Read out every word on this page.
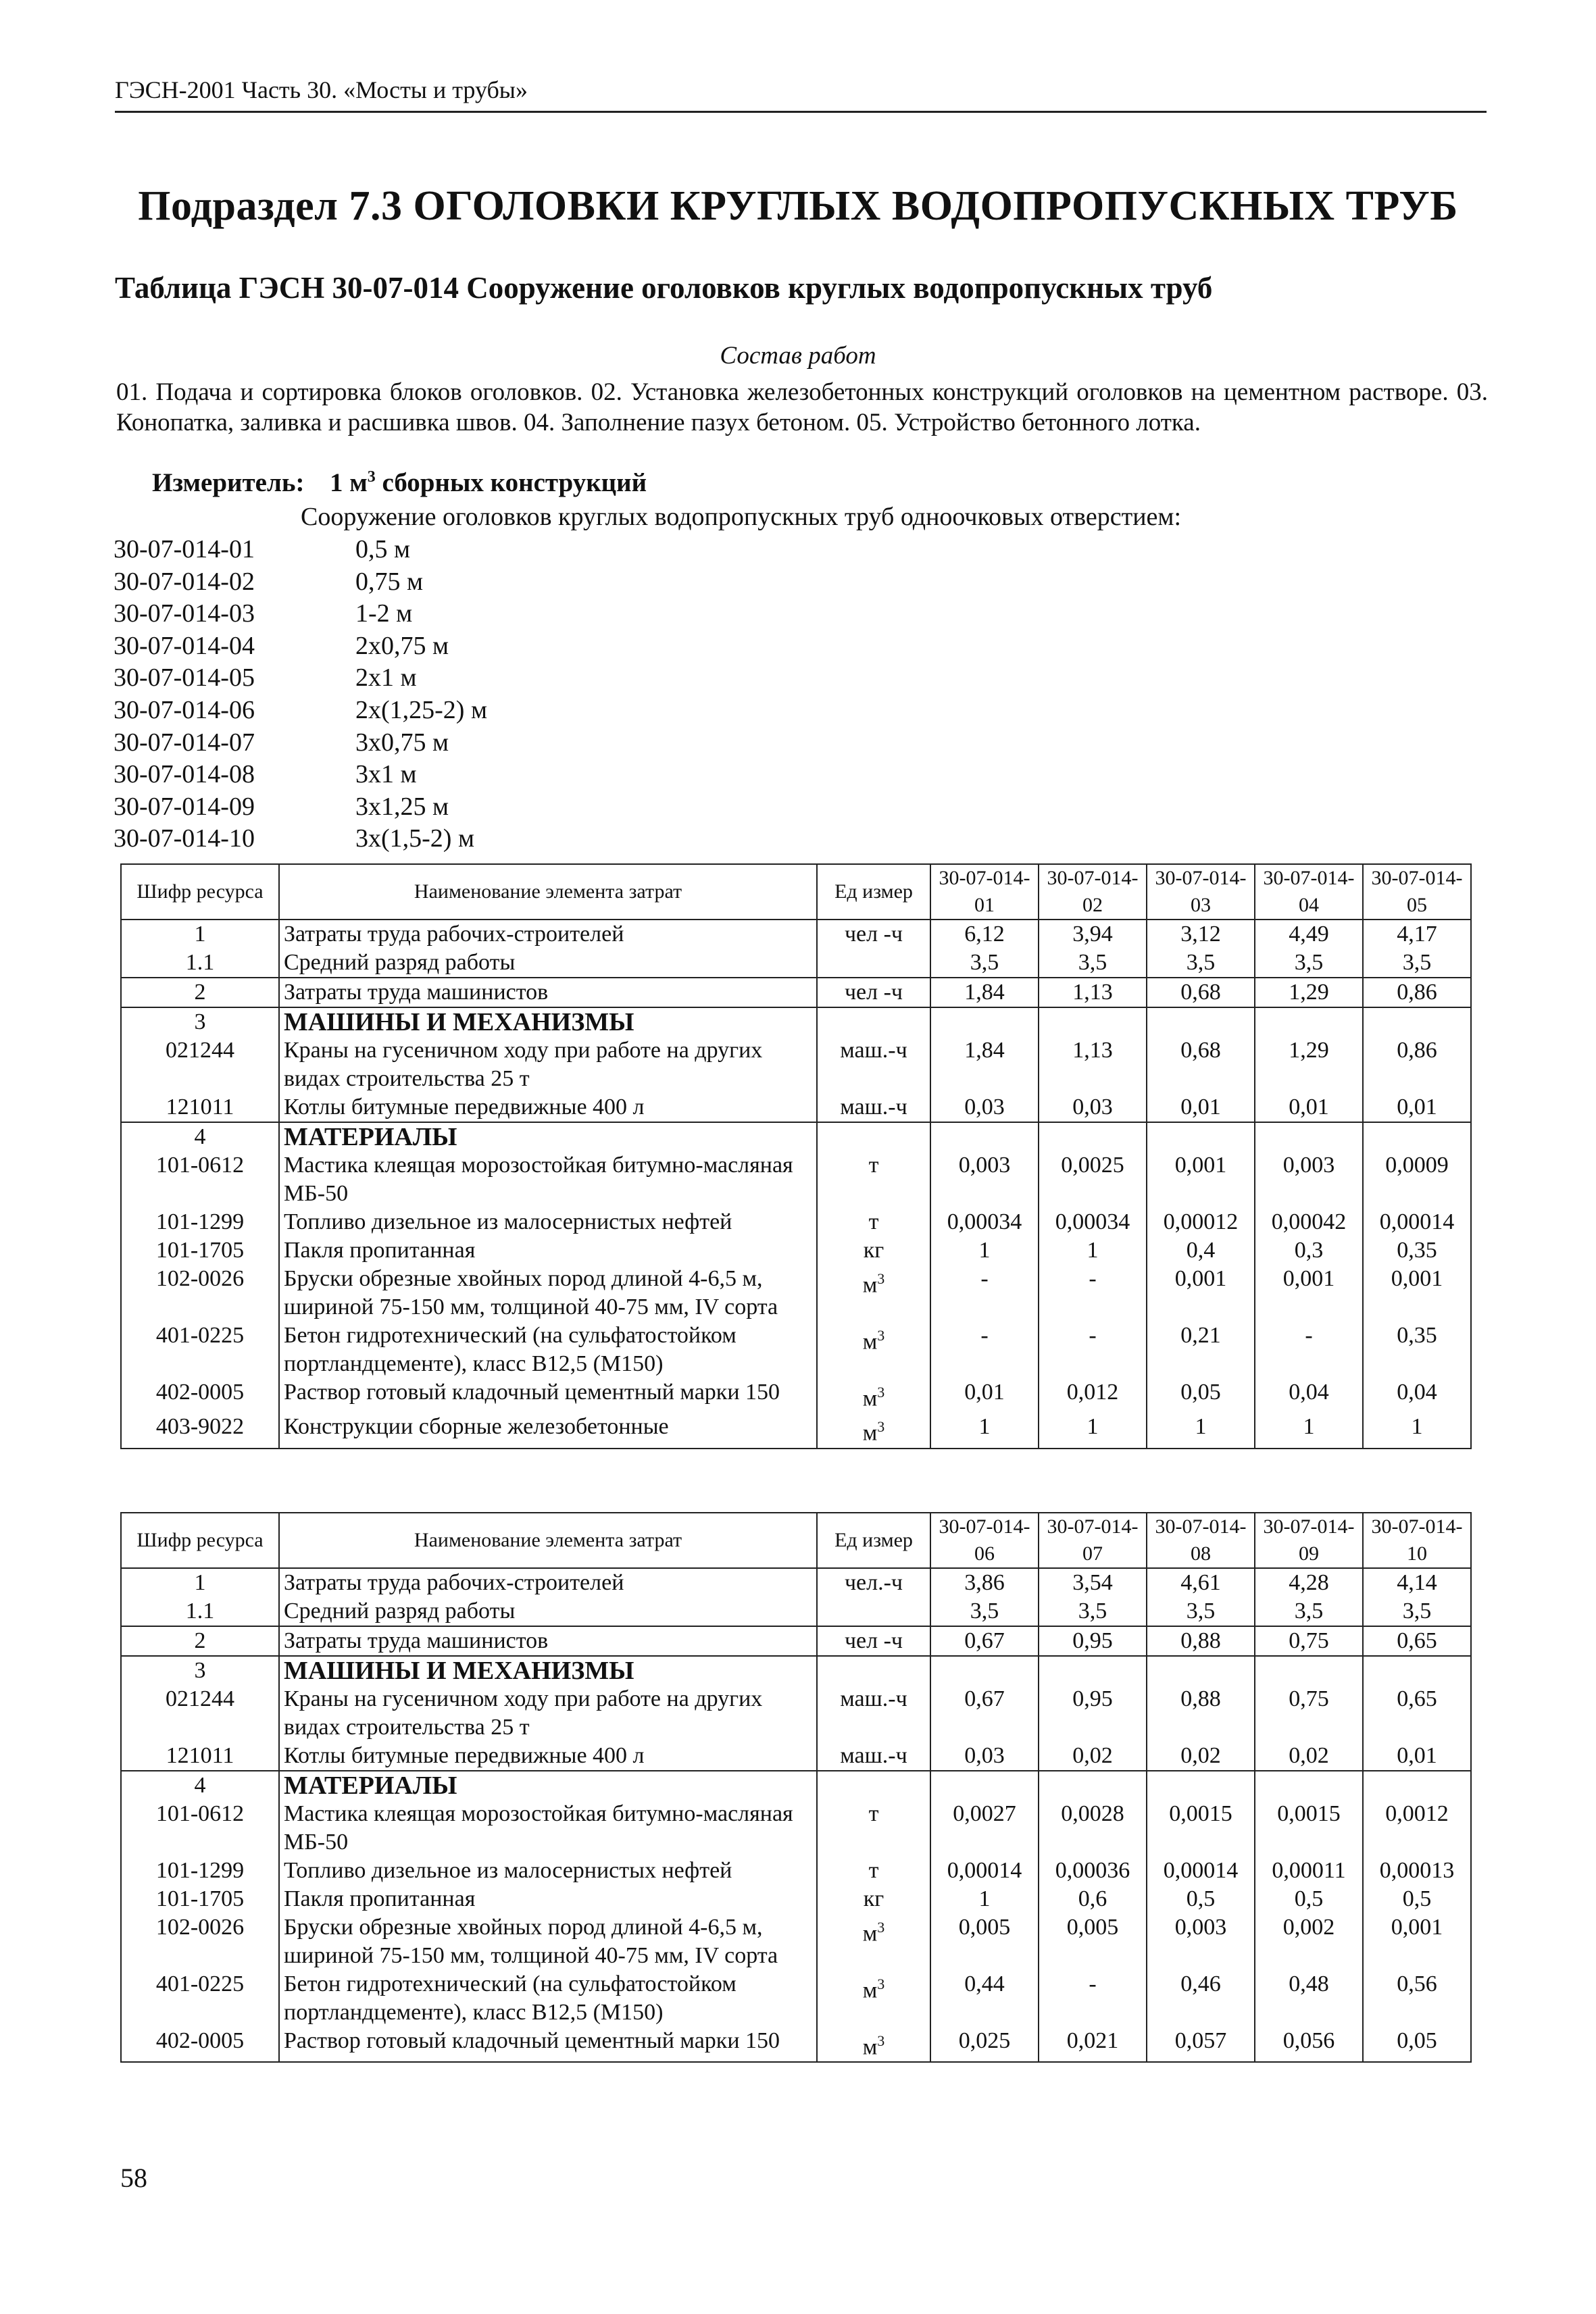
ГЭСН-2001 Часть 30. «Мосты и трубы»
Подраздел 7.3 ОГОЛОВКИ КРУГЛЫХ ВОДОПРОПУСКНЫХ ТРУБ
Таблица ГЭСН 30-07-014 Сооружение оголовков круглых водопропускных труб
Состав работ
01. Подача и сортировка блоков оголовков. 02. Установка железобетонных конструкций оголовков на цементном растворе. 03. Конопатка, заливка и расшивка швов. 04. Заполнение пазух бетоном. 05. Устройство бетонного лотка.
Измеритель: 1 $м^3$ сборных конструкций
Сооружение оголовков круглых водопропускных труб одноочковых отверстием:
30-07-014-01	0,5 м
30-07-014-02	0,75 м
30-07-014-03	1-2 м
30-07-014-04	2х0,75 м
30-07-014-05	2х1 м
30-07-014-06	2х(1,25-2) м
30-07-014-07	3х0,75 м
30-07-014-08	3х1 м
30-07-014-09	3х1,25 м
30-07-014-10	3х(1,5-2) м
Шифр ресурса	Наименование элемента затрат	Ед измер	30-07-014-01	30-07-014-02	30-07-014-03	30-07-014-04	30-07-014-05
1	Затраты труда рабочих-строителей	чел -ч	6,12	3,94	3,12	4,49	4,17
1.1	Средний разряд работы		3,5	3,5	3,5	3,5	3,5
2	Затраты труда машинистов	чел -ч	1,84	1,13	0,68	1,29	0,86
3	МАШИНЫ И МЕХАНИЗМЫ						
021244	Краны на гусеничном ходу при работе на других видах строительства 25 т	маш.-ч	1,84	1,13	0,68	1,29	0,86
121011	Котлы битумные передвижные 400 л	маш.-ч	0,03	0,03	0,01	0,01	0,01
4	МАТЕРИАЛЫ						
101-0612	Мастика клеящая морозостойкая битумно-масляная МБ-50	т	0,003	0,0025	0,001	0,003	0,0009
101-1299	Топливо дизельное из малосернистых нефтей	т	0,00034	0,00034	0,00012	0,00042	0,00014
101-1705	Пакля пропитанная	кг	1	1	0,4	0,3	0,35
102-0026	Бруски обрезные хвойных пород длиной 4-6,5 м, шириной 75-150 мм, толщиной 40-75 мм, IV сорта	$м^3$	-	-	0,001	0,001	0,001
401-0225	Бетон гидротехнический (на сульфатостойком портландцементе), класс В12,5 (М150)	$м^3$	-	-	0,21	-	0,35
402-0005	Раствор готовый кладочный цементный марки 150	$м^3$	0,01	0,012	0,05	0,04	0,04
403-9022	Конструкции сборные железобетонные	$м^3$	1	1	1	1	1
Шифр ресурса	Наименование элемента затрат	Ед измер	30-07-014-06	30-07-014-07	30-07-014-08	30-07-014-09	30-07-014-10
1	Затраты труда рабочих-строителей	чел.-ч	3,86	3,54	4,61	4,28	4,14
1.1	Средний разряд работы		3,5	3,5	3,5	3,5	3,5
2	Затраты труда машинистов	чел -ч	0,67	0,95	0,88	0,75	0,65
3	МАШИНЫ И МЕХАНИЗМЫ						
021244	Краны на гусеничном ходу при работе на других видах строительства 25 т	маш.-ч	0,67	0,95	0,88	0,75	0,65
121011	Котлы битумные передвижные 400 л	маш.-ч	0,03	0,02	0,02	0,02	0,01
4	МАТЕРИАЛЫ						
101-0612	Мастика клеящая морозостойкая битумно-масляная МБ-50	т	0,0027	0,0028	0,0015	0,0015	0,0012
101-1299	Топливо дизельное из малосернистых нефтей	т	0,00014	0,00036	0,00014	0,00011	0,00013
101-1705	Пакля пропитанная	кг	1	0,6	0,5	0,5	0,5
102-0026	Бруски обрезные хвойных пород длиной 4-6,5 м, шириной 75-150 мм, толщиной 40-75 мм, IV сорта	$м^3$	0,005	0,005	0,003	0,002	0,001
401-0225	Бетон гидротехнический (на сульфатостойком портландцементе), класс В12,5 (М150)	$м^3$	0,44	-	0,46	0,48	0,56
402-0005	Раствор готовый кладочный цементный марки 150	$м^3$	0,025	0,021	0,057	0,056	0,05
58
